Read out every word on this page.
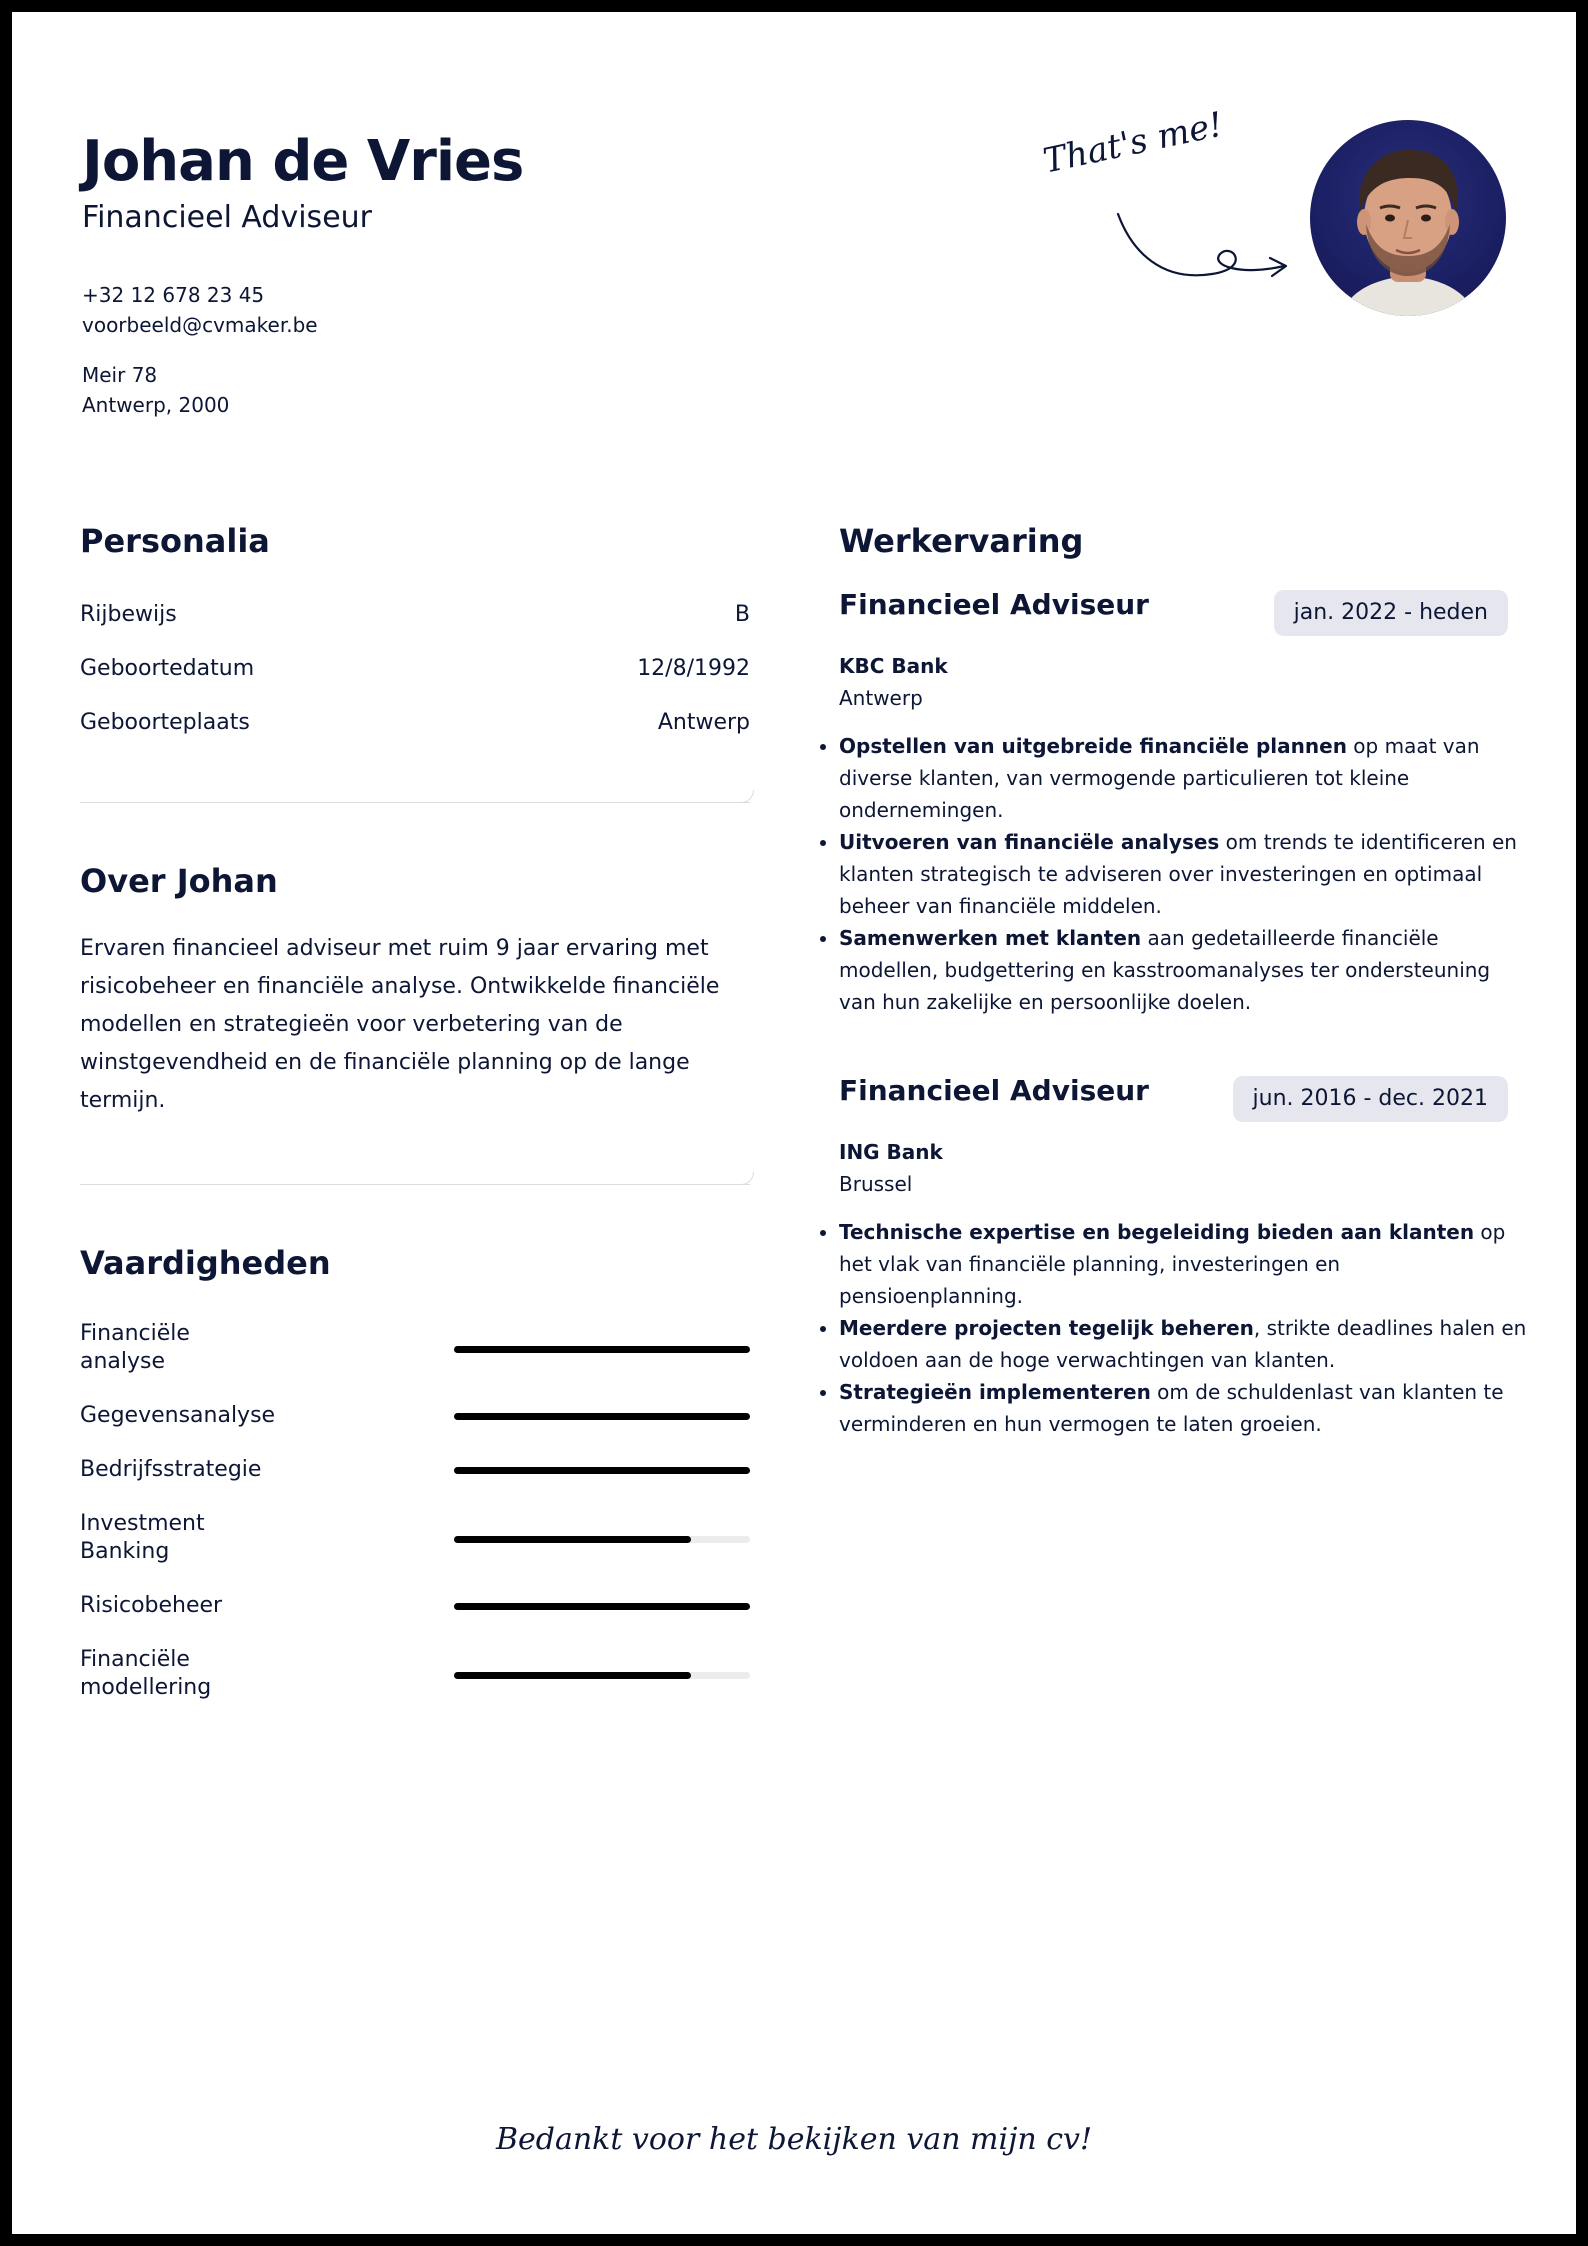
Johan de Vries
Financieel Adviseur
+32 12 678 23 45
voorbeeld@cvmaker.be
Meir 78
Antwerp, 2000
That's me!
Personalia
Rijbewijs	B
Geboortedatum	12/8/1992
Geboorteplaats	Antwerp
Over Johan

Ervaren financieel adviseur met ruim 9 jaar ervaring met risicobeheer en financiële analyse. Ontwikkelde financiële modellen en strategieën voor verbetering van de winstgevendheid en de financiële planning op de lange termijn.

Vaardigheden
Financiële
analyse
Gegevensanalyse
Bedrijfsstrategie
Investment
Banking
Risicobeheer
Financiële
modellering
Werkervaring
Financieel Adviseur	jan. 2022 - heden
KBC Bank
Antwerp
• Opstellen van uitgebreide financiële plannen op maat van diverse klanten, van vermogende particulieren tot kleine ondernemingen.
• Uitvoeren van financiële analyses om trends te identificeren en klanten strategisch te adviseren over investeringen en optimaal beheer van financiële middelen.
• Samenwerken met klanten aan gedetailleerde financiële modellen, budgettering en kasstroomanalyses ter ondersteuning van hun zakelijke en persoonlijke doelen.
Financieel Adviseur	jun. 2016 - dec. 2021
ING Bank
Brussel
• Technische expertise en begeleiding bieden aan klanten op het vlak van financiële planning, investeringen en pensioenplanning.
• Meerdere projecten tegelijk beheren, strikte deadlines halen en voldoen aan de hoge verwachtingen van klanten.
• Strategieën implementeren om de schuldenlast van klanten te verminderen en hun vermogen te laten groeien.
Bedankt voor het bekijken van mijn cv!
